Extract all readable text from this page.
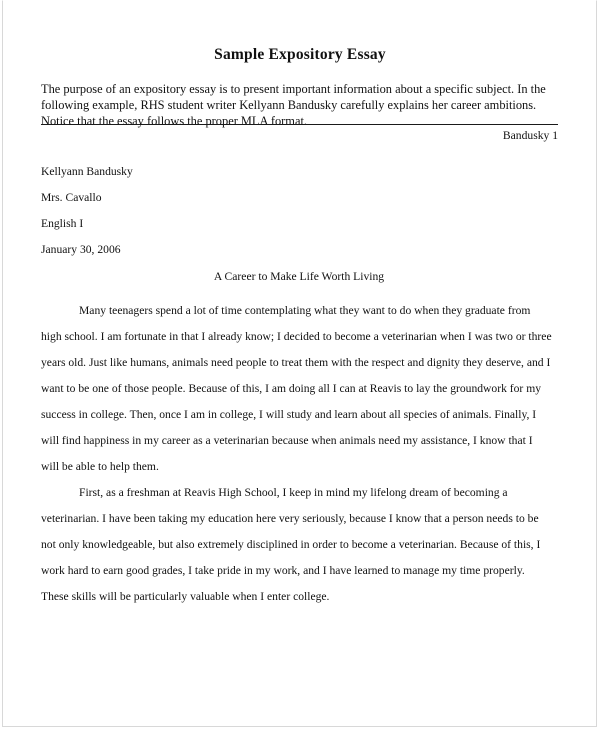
Sample Expository Essay
The purpose of an expository essay is to present important information about a specific subject. In the following example, RHS student writer Kellyann Bandusky carefully explains her career ambitions. Notice that the essay follows the proper MLA format.
Bandusky 1
Kellyann Bandusky
Mrs. Cavallo
English I
January 30, 2006
A Career to Make Life Worth Living

Many teenagers spend a lot of time contemplating what they want to do when they graduate from high school. I am fortunate in that I already know; I decided to become a veterinarian when I was two or three years old. Just like humans, animals need people to treat them with the respect and dignity they deserve, and I want to be one of those people. Because of this, I am doing all I can at Reavis to lay the groundwork for my success in college. Then, once I am in college, I will study and learn about all species of animals. Finally, I will find happiness in my career as a veterinarian because when animals need my assistance, I know that I will be able to help them.

First, as a freshman at Reavis High School, I keep in mind my lifelong dream of becoming a veterinarian. I have been taking my education here very seriously, because I know that a person needs to be not only knowledgeable, but also extremely disciplined in order to become a veterinarian. Because of this, I work hard to earn good grades, I take pride in my work, and I have learned to manage my time properly. These skills will be particularly valuable when I enter college.
